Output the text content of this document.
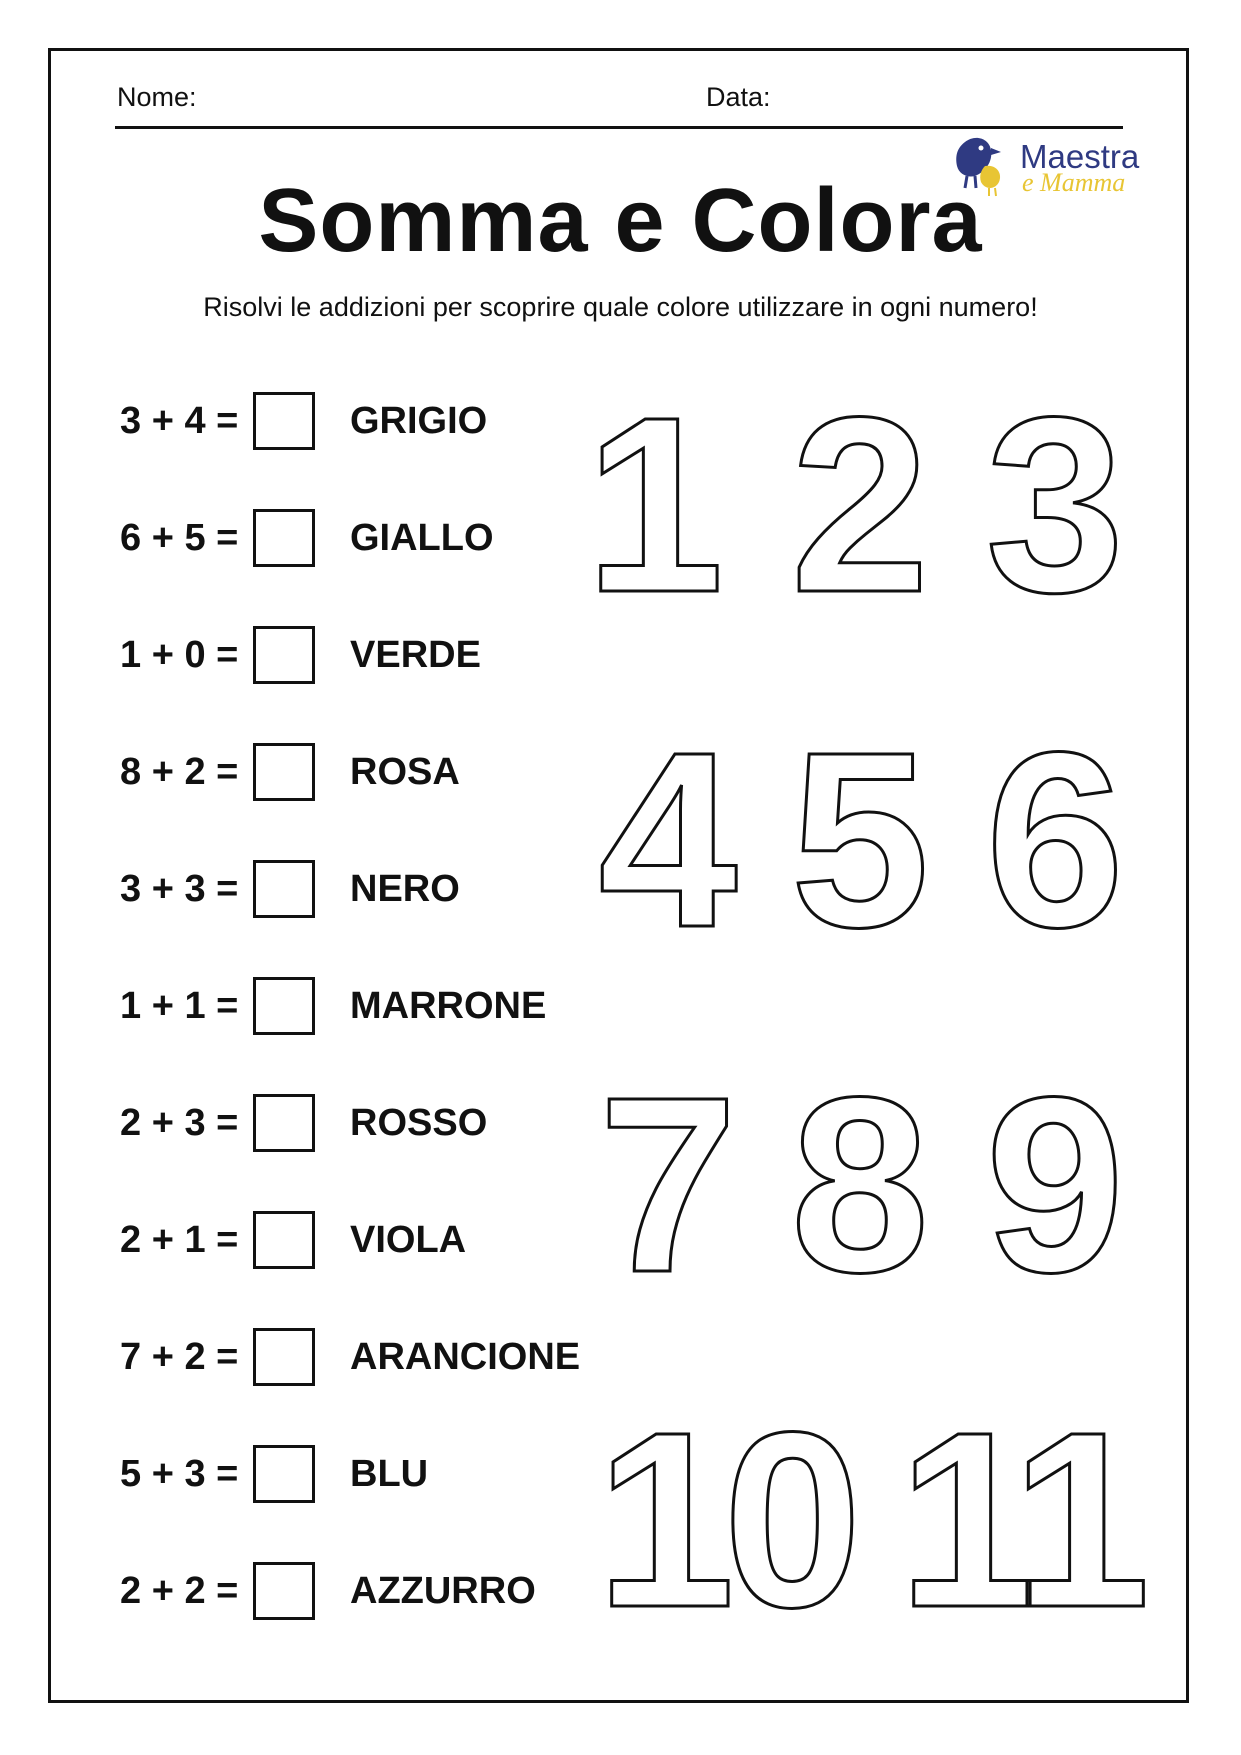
Nome:	Data:
Maestra
e Mamma
Somma e Colora
Risolvi le addizioni per scoprire quale colore utilizzare in ogni numero!
3 + 4 =	GRIGIO
6 + 5 =	GIALLO
1 + 0 =	VERDE
8 + 2 =	ROSA
3 + 3 =	NERO
1 + 1 =	MARRONE
2 + 3 =	ROSSO
2 + 1 =	VIOLA
7 + 2 =	ARANCIONE
5 + 3 =	BLU
2 + 2 =	AZZURRO
1 2 3
4 5 6
7 8 9
10 11
